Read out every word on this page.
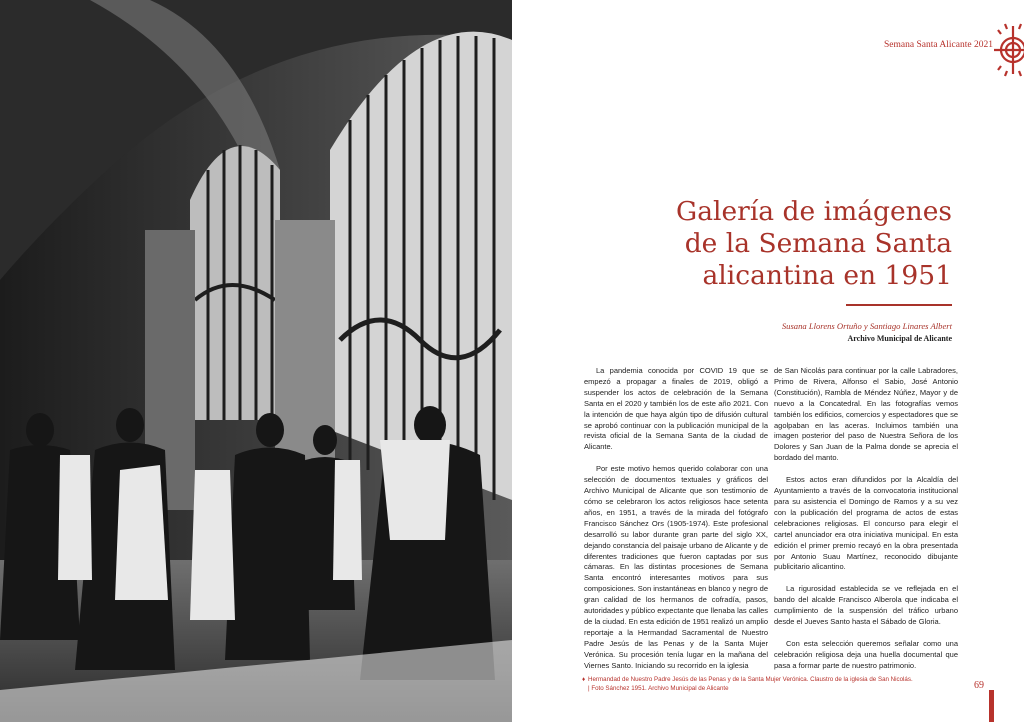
Semana Santa Alicante 2021
Galería de imágenes
de la Semana Santa
alicantina en 1951
Susana Llorens Ortuño y Santiago Linares Albert
Archivo Municipal de Alicante

La pandemia conocida por COVID 19 que se empezó a propagar a finales de 2019, obligó a suspender los actos de celebración de la Semana Santa en el 2020 y también los de este año 2021. Con la intención de que haya algún tipo de difusión cultural se aprobó continuar con la publicación municipal de la revista oficial de la Semana Santa de la ciudad de Alicante.

Por este motivo hemos querido colaborar con una selección de documentos textuales y gráficos del Archivo Municipal de Alicante que son testimonio de cómo se celebraron los actos religiosos hace setenta años, en 1951, a través de la mirada del fotógrafo Francisco Sánchez Ors (1905-1974). Este profesional desarrolló su labor durante gran parte del siglo XX, dejando constancia del paisaje urbano de Alicante y de diferentes tradiciones que fueron captadas por sus cámaras. En las distintas procesiones de Semana Santa encontró interesantes motivos para sus composiciones. Son instantáneas en blanco y negro de gran calidad de los hermanos de cofradía, pasos, autoridades y público expectante que llenaba las calles de la ciudad. En esta edición de 1951 realizó un amplio reportaje a la Hermandad Sacramental de Nuestro Padre Jesús de las Penas y de la Santa Mujer Verónica. Su procesión tenía lugar en la mañana del Viernes Santo. Iniciando su recorrido en la iglesia

de San Nicolás para continuar por la calle Labradores, Primo de Rivera, Alfonso el Sabio, José Antonio (Constitución), Rambla de Méndez Núñez, Mayor y de nuevo a la Concatedral. En las fotografías vemos también los edificios, comercios y espectadores que se agolpaban en las aceras. Incluimos también una imagen posterior del paso de Nuestra Señora de los Dolores y San Juan de la Palma donde se aprecia el bordado del manto.

Estos actos eran difundidos por la Alcaldía del Ayuntamiento a través de la convocatoria institucional para su asistencia el Domingo de Ramos y a su vez con la publicación del programa de actos de estas celebraciones religiosas. El concurso para elegir el cartel anunciador era otra iniciativa municipal. En esta edición el primer premio recayó en la obra presentada por Antonio Suau Martínez, reconocido dibujante publicitario alicantino.

La rigurosidad establecida se ve reflejada en el bando del alcalde Francisco Alberola que indicaba el cumplimiento de la suspensión del tráfico urbano desde el Jueves Santo hasta el Sábado de Gloria.

Con esta selección queremos señalar como una celebración religiosa deja una huella documental que pasa a formar parte de nuestro patrimonio.

♦ Hermandad de Nuestro Padre Jesús de las Penas y de la Santa Mujer Verónica. Claustro de la iglesia de San Nicolás.
| Foto Sánchez 1951. Archivo Municipal de Alicante	69
